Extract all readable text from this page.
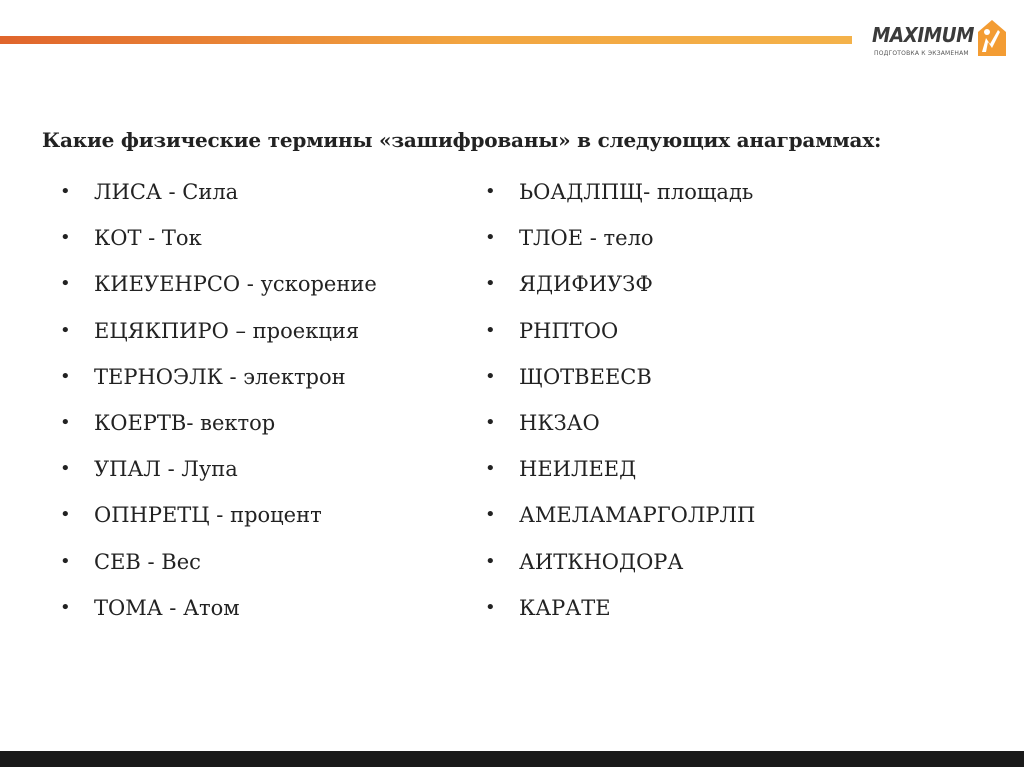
MAXIMUM
ПОДГОТОВКА К ЭКЗАМЕНАМ
Какие физические термины «зашифрованы» в следующих анаграммах:
•	ЛИСА - Сила
•	КОТ - Ток
•	КИЕУЕНРСО - ускорение
•	ЕЦЯКПИРО – проекция
•	ТЕРНОЭЛК - электрон
•	КОЕРТВ- вектор
•	УПАЛ - Лупа
•	ОПНРЕТЦ - процент
•	СЕВ - Вес
•	ТОМА - Атом
•	ЬОАДЛПЩ- площадь
•	ТЛОЕ - тело
•	ЯДИФИУЗФ
•	РНПТОО
•	ЩОТВЕЕСВ
•	НКЗАО
•	НЕИЛЕЕД
•	АМЕЛАМАРГОЛРЛП
•	АИТКНОДОРА
•	КАРАТЕ
